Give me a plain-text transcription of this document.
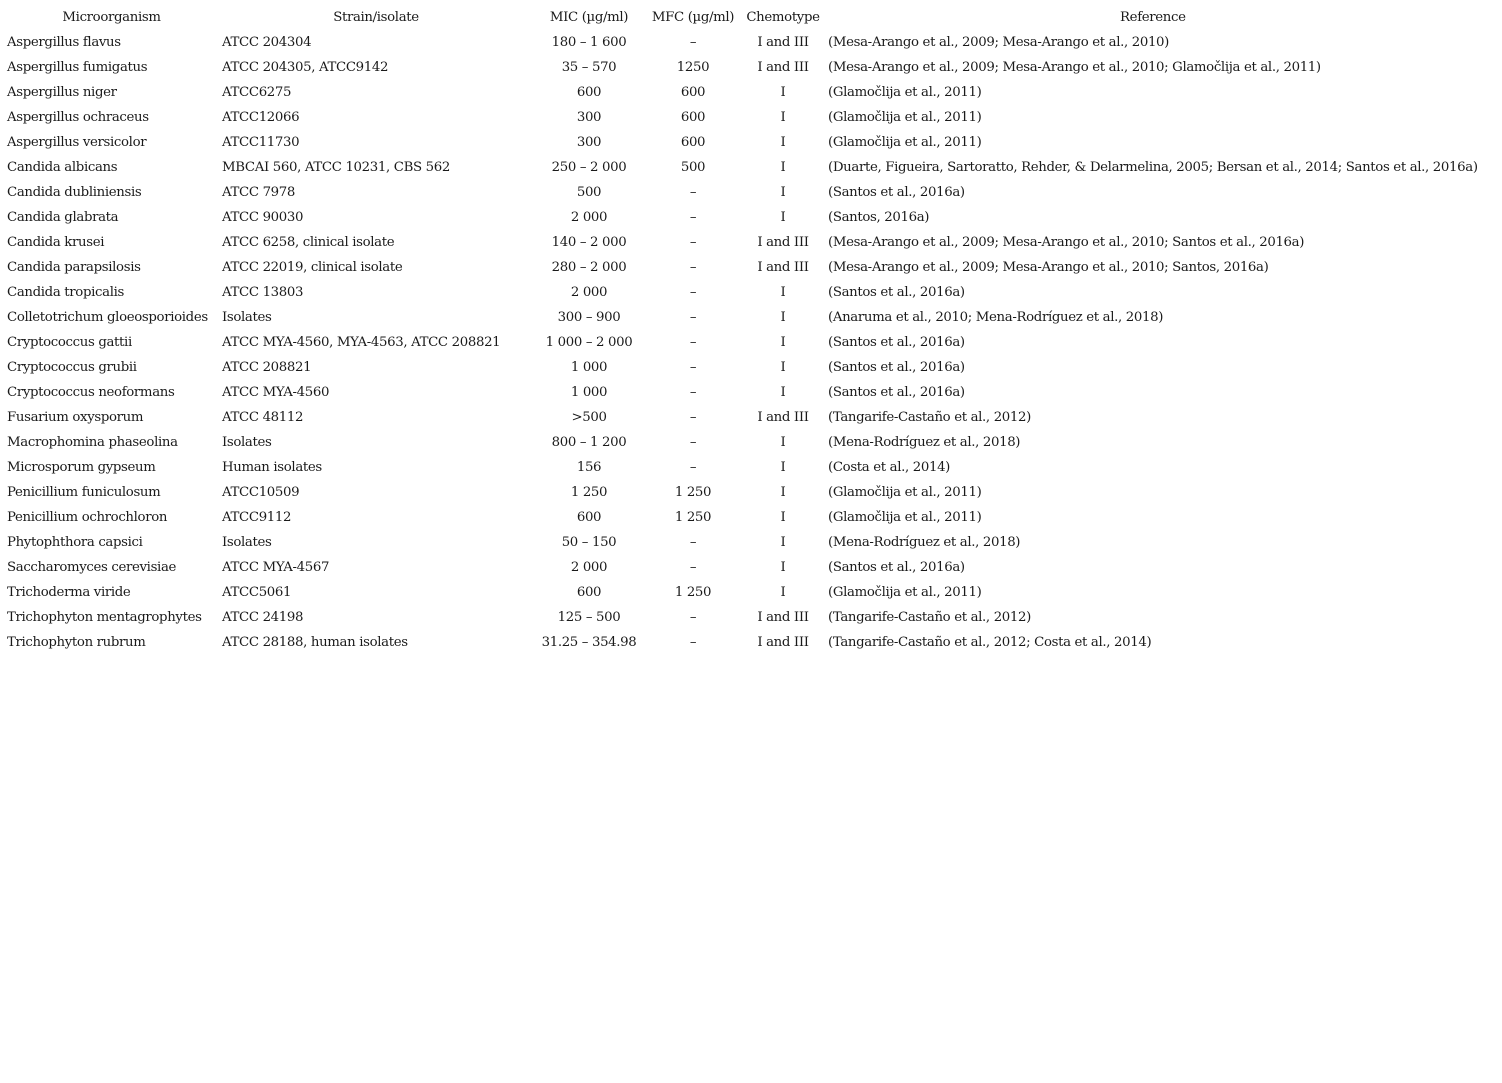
Microorganism	Strain/isolate	MIC (µg/ml)	MFC (µg/ml)	Chemotype	Reference
Aspergillus flavus	ATCC 204304	180 – 1 600	–	I and III	(Mesa-Arango et al., 2009; Mesa-Arango et al., 2010)
Aspergillus fumigatus	ATCC 204305, ATCC9142	35 – 570	1250	I and III	(Mesa-Arango et al., 2009; Mesa-Arango et al., 2010; Glamočlija et al., 2011)
Aspergillus niger	ATCC6275	600	600	I	(Glamočlija et al., 2011)
Aspergillus ochraceus	ATCC12066	300	600	I	(Glamočlija et al., 2011)
Aspergillus versicolor	ATCC11730	300	600	I	(Glamočlija et al., 2011)
Candida albicans	MBCAI 560, ATCC 10231, CBS 562	250 – 2 000	500	I	(Duarte, Figueira, Sartoratto, Rehder, & Delarmelina, 2005; Bersan et al., 2014; Santos et al., 2016a)
Candida dubliniensis	ATCC 7978	500	–	I	(Santos et al., 2016a)
Candida glabrata	ATCC 90030	2 000	–	I	(Santos, 2016a)
Candida krusei	ATCC 6258, clinical isolate	140 – 2 000	–	I and III	(Mesa-Arango et al., 2009; Mesa-Arango et al., 2010; Santos et al., 2016a)
Candida parapsilosis	ATCC 22019, clinical isolate	280 – 2 000	–	I and III	(Mesa-Arango et al., 2009; Mesa-Arango et al., 2010; Santos, 2016a)
Candida tropicalis	ATCC 13803	2 000	–	I	(Santos et al., 2016a)
Colletotrichum gloeosporioides	Isolates	300 – 900	–	I	(Anaruma et al., 2010; Mena-Rodríguez et al., 2018)
Cryptococcus gattii	ATCC MYA-4560, MYA-4563, ATCC 208821	1 000 – 2 000	–	I	(Santos et al., 2016a)
Cryptococcus grubii	ATCC 208821	1 000	–	I	(Santos et al., 2016a)
Cryptococcus neoformans	ATCC MYA-4560	1 000	–	I	(Santos et al., 2016a)
Fusarium oxysporum	ATCC 48112	>500	–	I and III	(Tangarife-Castaño et al., 2012)
Macrophomina phaseolina	Isolates	800 – 1 200	–	I	(Mena-Rodríguez et al., 2018)
Microsporum gypseum	Human isolates	156	–	I	(Costa et al., 2014)
Penicillium funiculosum	ATCC10509	1 250	1 250	I	(Glamočlija et al., 2011)
Penicillium ochrochloron	ATCC9112	600	1 250	I	(Glamočlija et al., 2011)
Phytophthora capsici	Isolates	50 – 150	–	I	(Mena-Rodríguez et al., 2018)
Saccharomyces cerevisiae	ATCC MYA-4567	2 000	–	I	(Santos et al., 2016a)
Trichoderma viride	ATCC5061	600	1 250	I	(Glamočlija et al., 2011)
Trichophyton mentagrophytes	ATCC 24198	125 – 500	–	I and III	(Tangarife-Castaño et al., 2012)
Trichophyton rubrum	ATCC 28188, human isolates	31.25 – 354.98	–	I and III	(Tangarife-Castaño et al., 2012; Costa et al., 2014)
